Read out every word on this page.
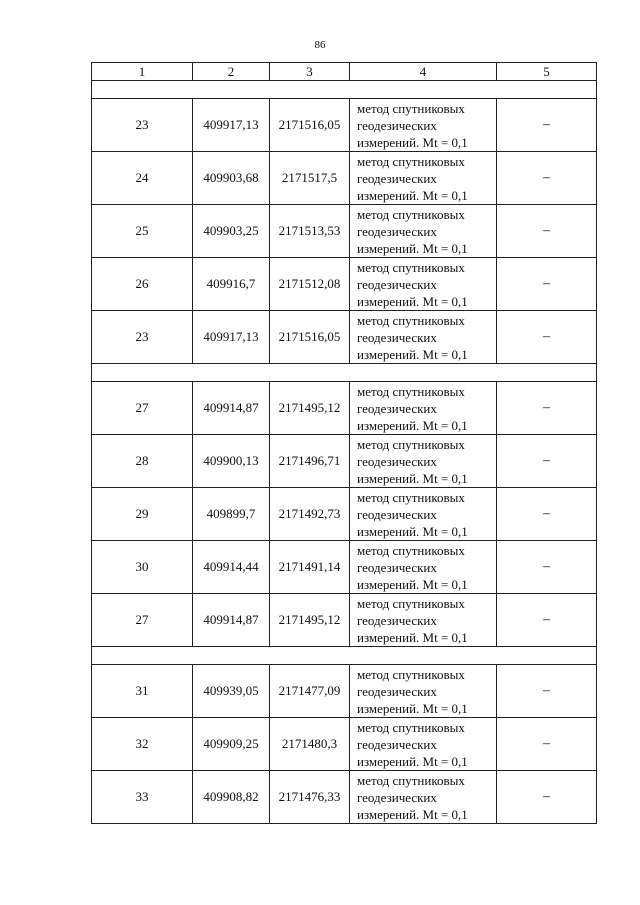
86
1	2	3	4	5

23	409917,13	2171516,05	метод спутниковых
геодезических
измерений. Mt = 0,1	–
24	409903,68	2171517,5	метод спутниковых
геодезических
измерений. Mt = 0,1	–
25	409903,25	2171513,53	метод спутниковых
геодезических
измерений. Mt = 0,1	–
26	409916,7	2171512,08	метод спутниковых
геодезических
измерений. Mt = 0,1	–
23	409917,13	2171516,05	метод спутниковых
геодезических
измерений. Mt = 0,1	–

27	409914,87	2171495,12	метод спутниковых
геодезических
измерений. Mt = 0,1	–
28	409900,13	2171496,71	метод спутниковых
геодезических
измерений. Mt = 0,1	–
29	409899,7	2171492,73	метод спутниковых
геодезических
измерений. Mt = 0,1	–
30	409914,44	2171491,14	метод спутниковых
геодезических
измерений. Mt = 0,1	–
27	409914,87	2171495,12	метод спутниковых
геодезических
измерений. Mt = 0,1	–

31	409939,05	2171477,09	метод спутниковых
геодезических
измерений. Mt = 0,1	–
32	409909,25	2171480,3	метод спутниковых
геодезических
измерений. Mt = 0,1	–
33	409908,82	2171476,33	метод спутниковых
геодезических
измерений. Mt = 0,1	–
